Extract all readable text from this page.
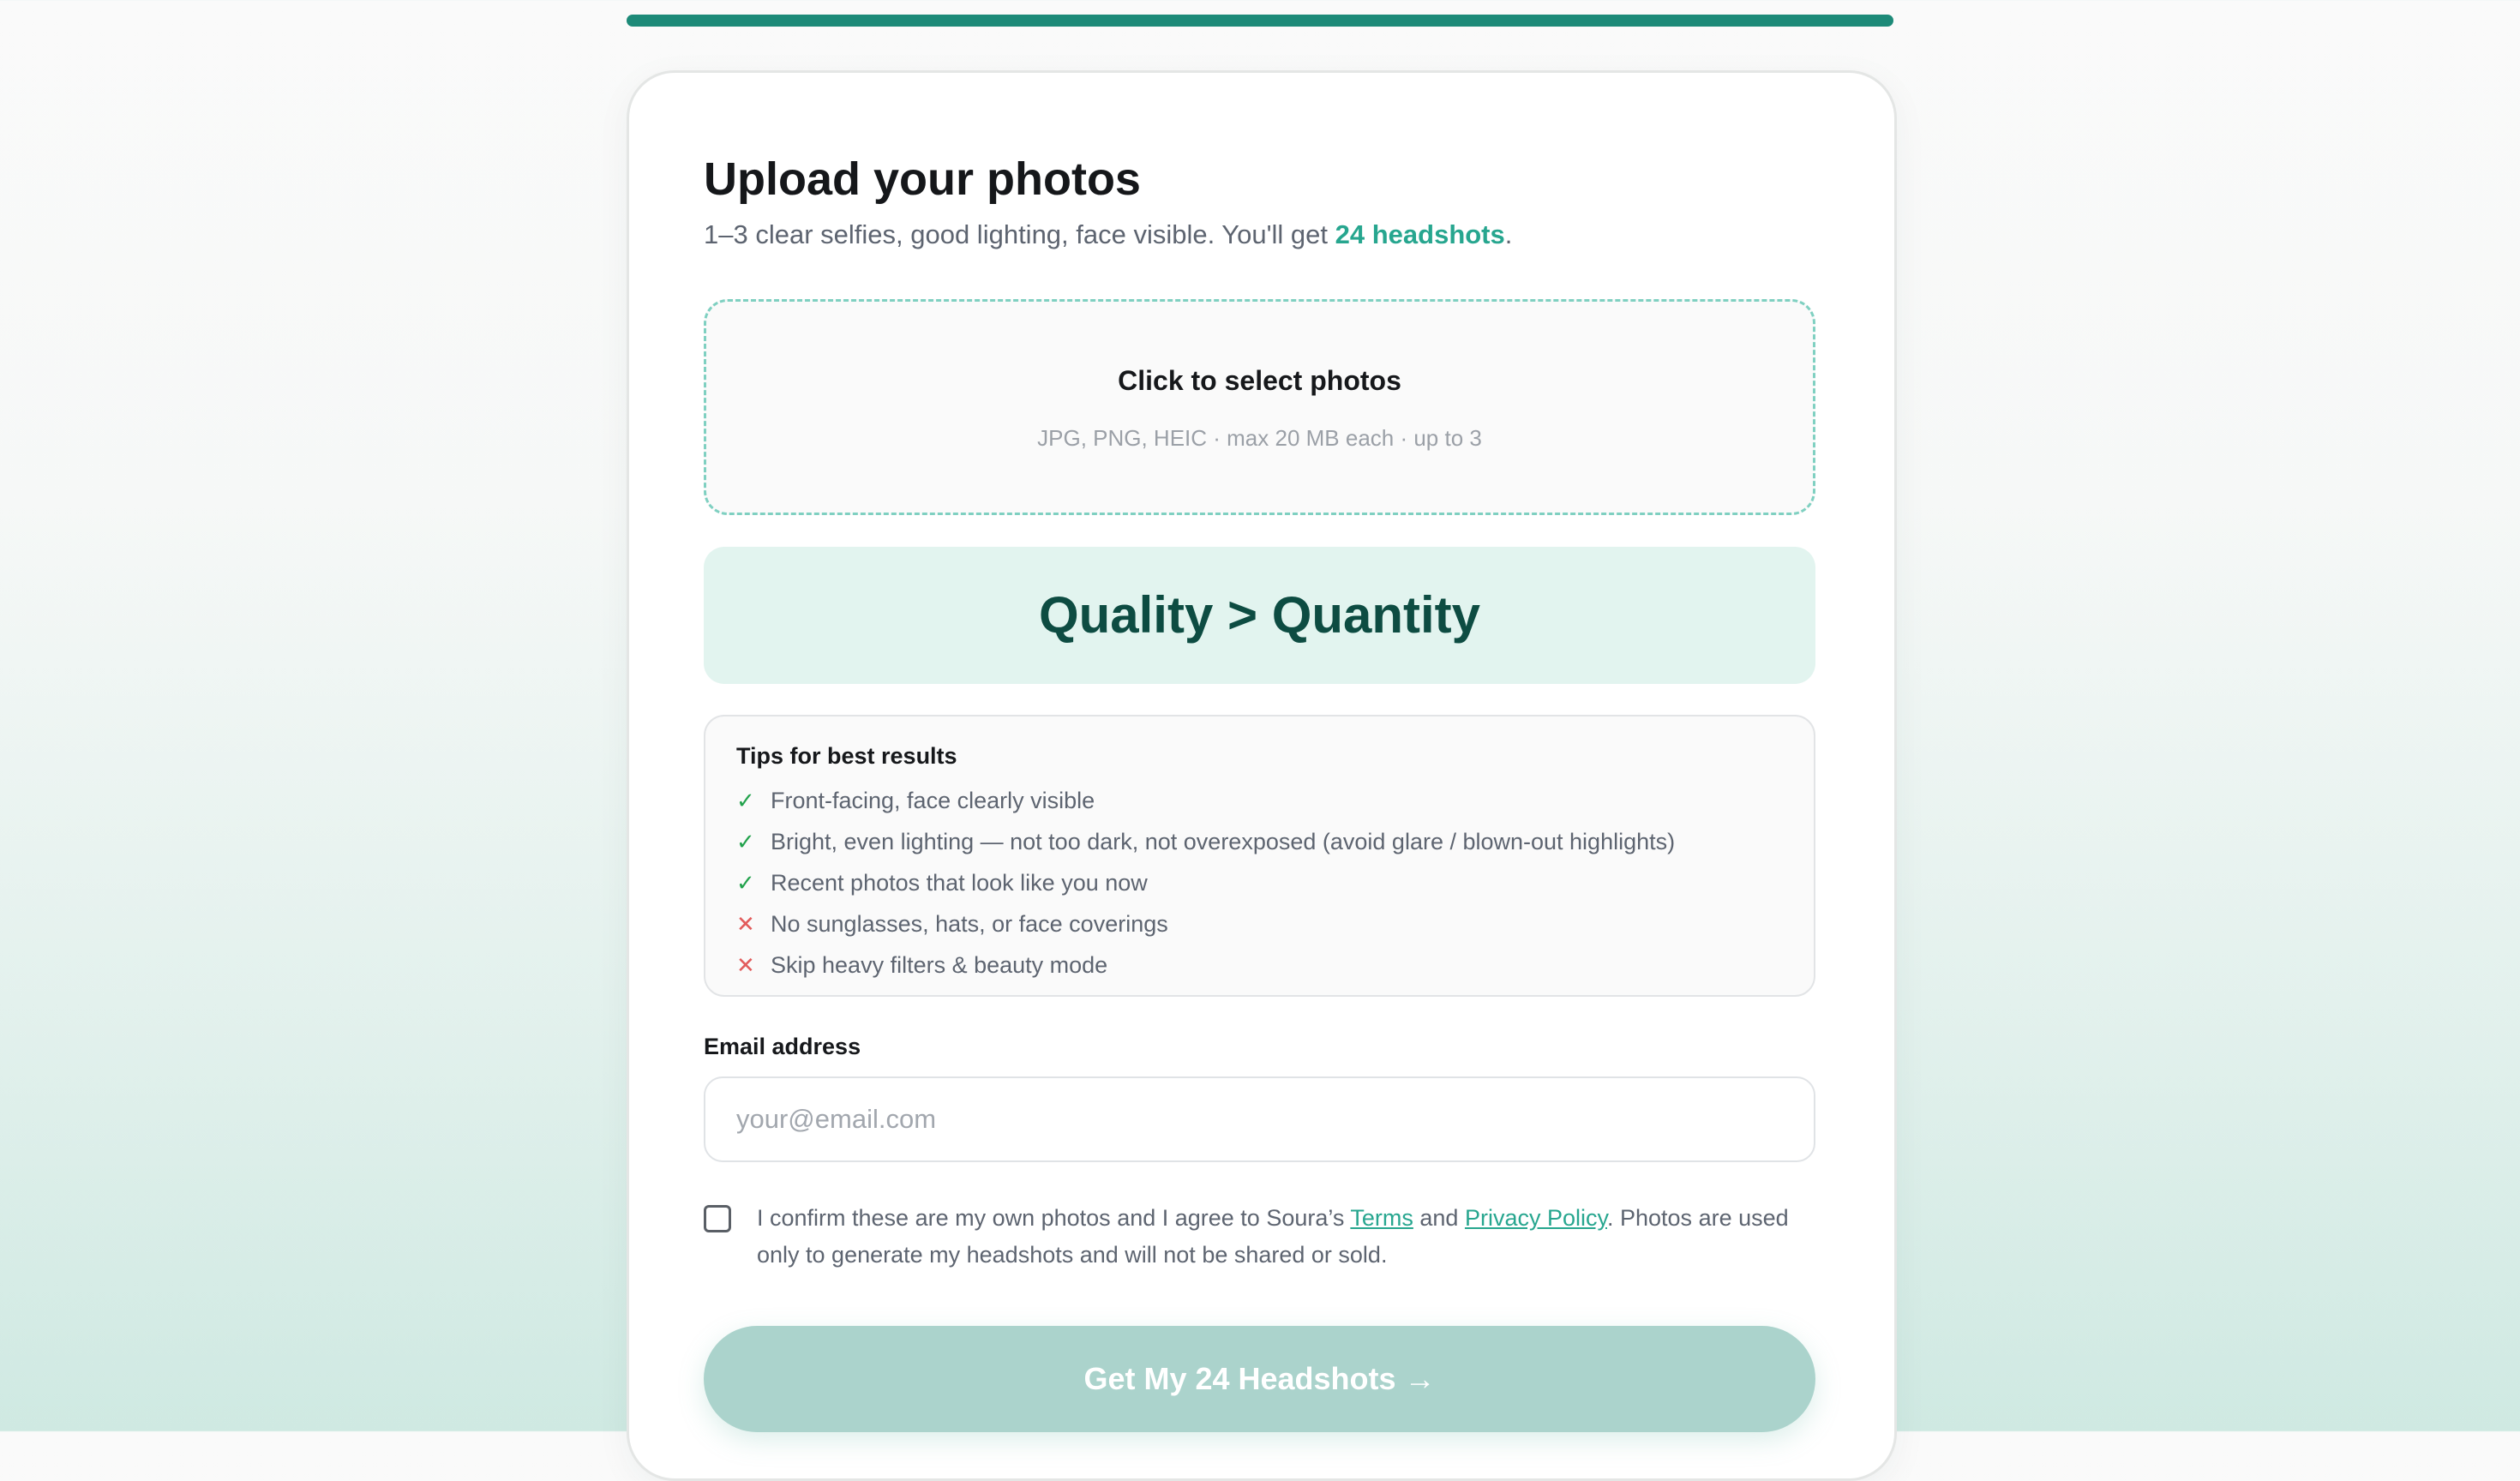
Upload your photos
1–3 clear selfies, good lighting, face visible. You'll get 24 headshots.
Click to select photos
JPG, PNG, HEIC · max 20 MB each · up to 3
Quality > Quantity
Tips for best results
✓ Front-facing, face clearly visible
✓ Bright, even lighting — not too dark, not overexposed (avoid glare / blown-out highlights)
✓ Recent photos that look like you now
✕ No sunglasses, hats, or face coverings
✕ Skip heavy filters & beauty mode
Email address
your@email.com
I confirm these are my own photos and I agree to Soura’s Terms and Privacy Policy. Photos are used only to generate my headshots and will not be shared or sold.
Get My 24 Headshots →
